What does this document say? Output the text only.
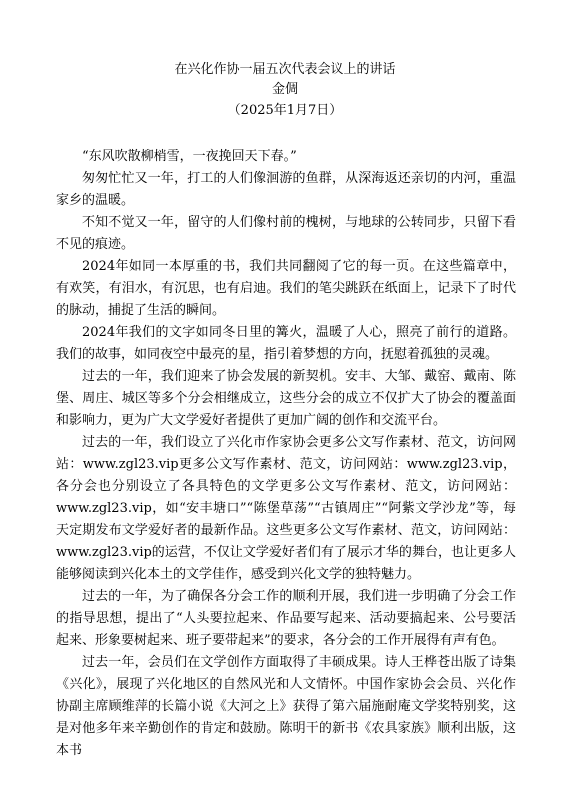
在兴化作协一届五次代表会议上的讲话
金倜
（2025年1月7日）

“东风吹散柳梢雪，一夜挽回天下春。”

匆匆忙忙又一年，打工的人们像洄游的鱼群，从深海返还亲切的内河，重温家乡的温暖。

不知不觉又一年，留守的人们像村前的槐树，与地球的公转同步，只留下看不见的痕迹。

2024年如同一本厚重的书，我们共同翻阅了它的每一页。在这些篇章中，有欢笑，有泪水，有沉思，也有启迪。我们的笔尖跳跃在纸面上，记录下了时代的脉动，捕捉了生活的瞬间。

2024年我们的文字如同冬日里的篝火，温暖了人心，照亮了前行的道路。我们的故事，如同夜空中最亮的星，指引着梦想的方向，抚慰着孤独的灵魂。

过去的一年，我们迎来了协会发展的新契机。安丰、大邹、戴窑、戴南、陈堡、周庄、城区等多个分会相继成立，这些分会的成立不仅扩大了协会的覆盖面和影响力，更为广大文学爱好者提供了更加广阔的创作和交流平台。

过去的一年，我们设立了兴化市作家协会更多公文写作素材、范文，访问网站：www.zgl23.vip更多公文写作素材、范文，访问网站：www.zgl23.vip，各分会也分别设立了各具特色的文学更多公文写作素材、范文，访问网站：www.zgl23.vip，如“安丰塘口”“陈堡草荡”“古镇周庄”“阿紫文学沙龙”等，每天定期发布文学爱好者的最新作品。这些更多公文写作素材、范文，访问网站：www.zgl23.vip的运营，不仅让文学爱好者们有了展示才华的舞台，也让更多人能够阅读到兴化本土的文学佳作，感受到兴化文学的独特魅力。

过去的一年，为了确保各分会工作的顺利开展，我们进一步明确了分会工作的指导思想，提出了“人头要拉起来、作品要写起来、活动要搞起来、公号要活起来、形象要树起来、班子要带起来”的要求，各分会的工作开展得有声有色。

过去一年，会员们在文学创作方面取得了丰硕成果。诗人王桦苍出版了诗集《兴化》，展现了兴化地区的自然风光和人文情怀。中国作家协会会员、兴化作协副主席顾维萍的长篇小说《大河之上》获得了第六届施耐庵文学奖特别奖，这是对他多年来辛勤创作的肯定和鼓励。陈明干的新书《农具家族》顺利出版，这本书
